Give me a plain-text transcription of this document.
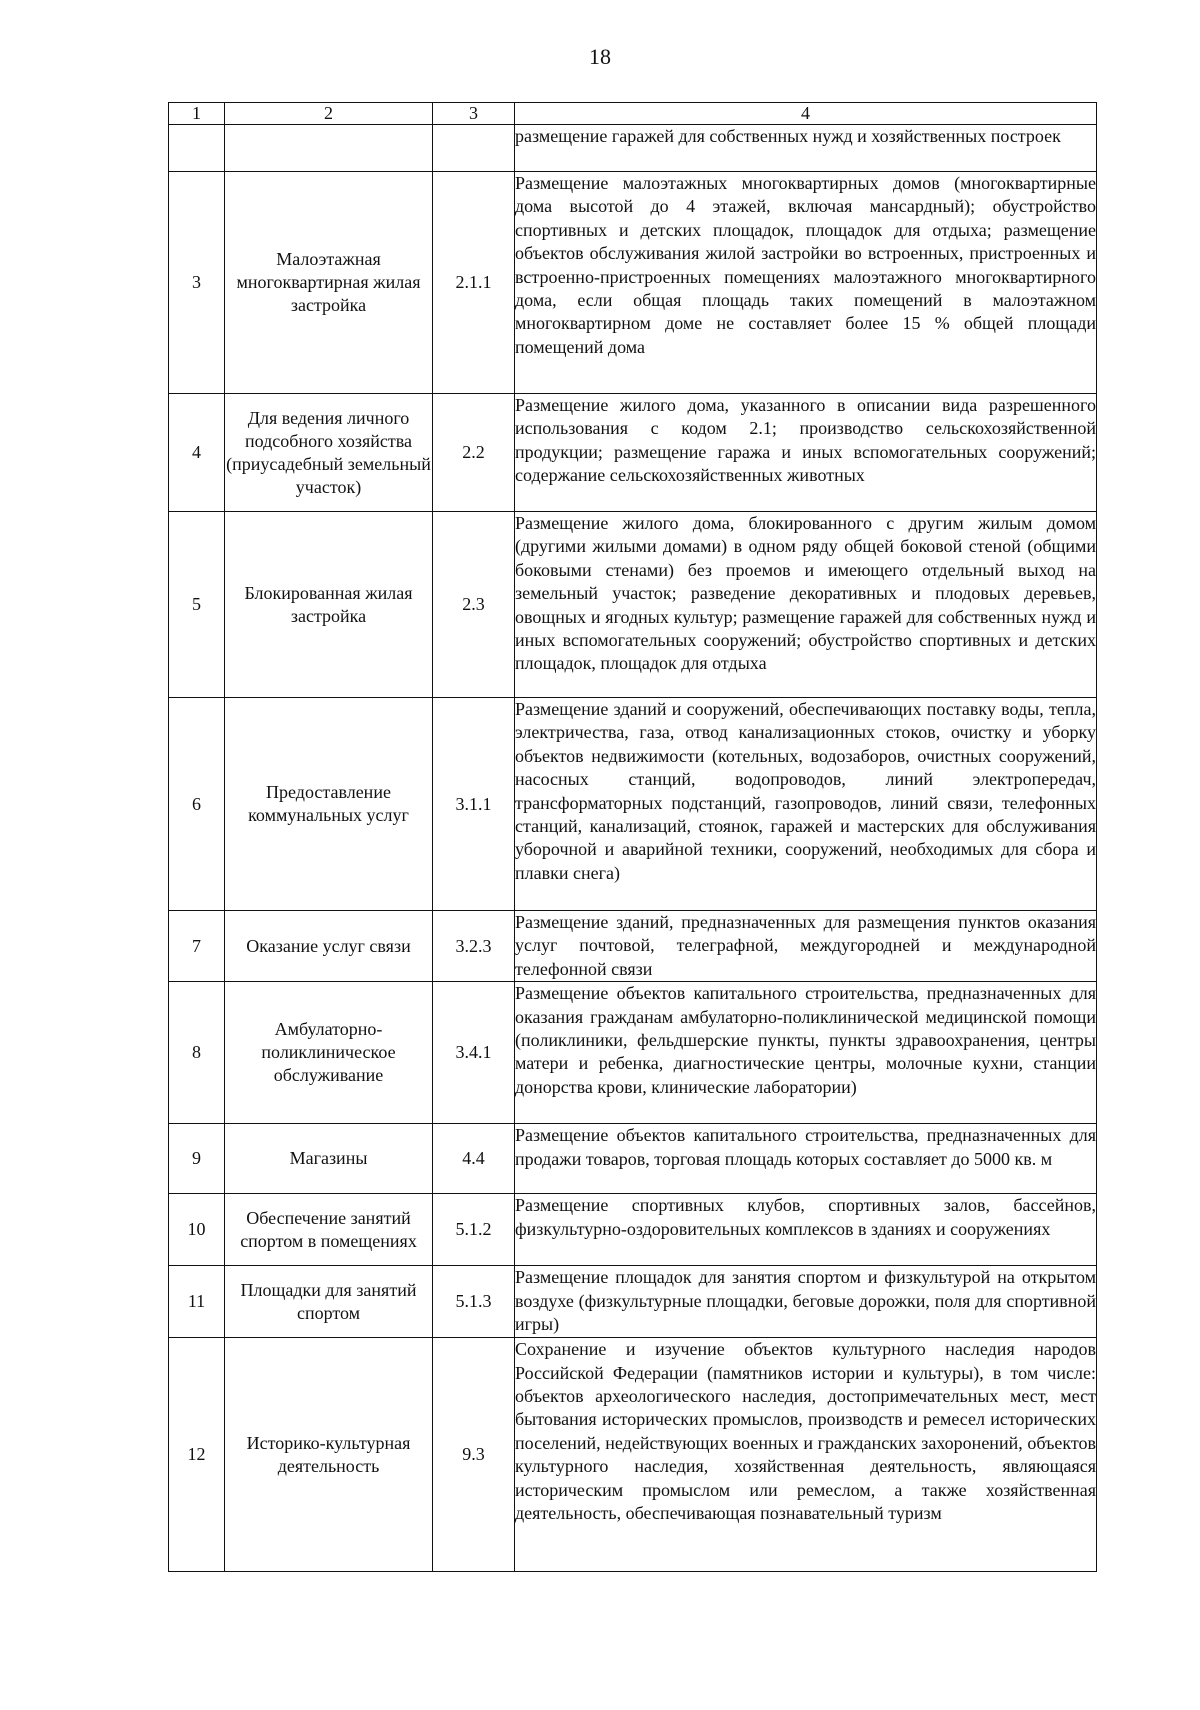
18
1	2	3	4
			размещение гаражей для собственных нужд и хозяйственных построек
3	Малоэтажная многоквартирная жилая застройка	2.1.1	Размещение малоэтажных многоквартирных домов (многоквартирные дома высотой до 4 этажей, включая мансардный); обустройство спортивных и детских площадок, площадок для отдыха; размещение объектов обслуживания жилой застройки во встроенных, пристроенных и встроенно-пристроенных помещениях малоэтажного многоквартирного дома, если общая площадь таких помещений в малоэтажном многоквартирном доме не составляет более 15 % общей площади помещений дома
4	Для ведения личного подсобного хозяйства (приусадебный земельный участок)	2.2	Размещение жилого дома, указанного в описании вида разрешенного использования с кодом 2.1; производство сельскохозяйственной продукции; размещение гаража и иных вспомогательных сооружений; содержание сельскохозяйственных животных
5	Блокированная жилая застройка	2.3	Размещение жилого дома, блокированного с другим жилым домом (другими жилыми домами) в одном ряду общей боковой стеной (общими боковыми стенами) без проемов и имеющего отдельный выход на земельный участок; разведение декоративных и плодовых деревьев, овощных и ягодных культур; размещение гаражей для собственных нужд и иных вспомогательных сооружений; обустройство спортивных и детских площадок, площадок для отдыха
6	Предоставление коммунальных услуг	3.1.1	Размещение зданий и сооружений, обеспечивающих поставку воды, тепла, электричества, газа, отвод канализационных стоков, очистку и уборку объектов недвижимости (котельных, водозаборов, очистных сооружений, насосных станций, водопроводов, линий электропередач, трансформаторных подстанций, газопроводов, линий связи, телефонных станций, канализаций, стоянок, гаражей и мастерских для обслуживания уборочной и аварийной техники, сооружений, необходимых для сбора и плавки снега)
7	Оказание услуг связи	3.2.3	Размещение зданий, предназначенных для размещения пунктов оказания услуг почтовой, телеграфной, междугородней и международной телефонной связи
8	Амбулаторно-поликлиническое обслуживание	3.4.1	Размещение объектов капитального строительства, предназначенных для оказания гражданам амбулаторно-поликлинической медицинской помощи (поликлиники, фельдшерские пункты, пункты здравоохранения, центры матери и ребенка, диагностические центры, молочные кухни, станции донорства крови, клинические лаборатории)
9	Магазины	4.4	Размещение объектов капитального строительства, предназначенных для продажи товаров, торговая площадь которых составляет до 5000 кв. м
10	Обеспечение занятий спортом в помещениях	5.1.2	Размещение спортивных клубов, спортивных залов, бассейнов, физкультурно-оздоровительных комплексов в зданиях и сооружениях
11	Площадки для занятий спортом	5.1.3	Размещение площадок для занятия спортом и физкультурой на открытом воздухе (физкультурные площадки, беговые дорожки, поля для спортивной игры)
12	Историко-культурная деятельность	9.3	Сохранение и изучение объектов культурного наследия народов Российской Федерации (памятников истории и культуры), в том числе: объектов археологического наследия, достопримечательных мест, мест бытования исторических промыслов, производств и ремесел исторических поселений, недействующих военных и гражданских захоронений, объектов культурного наследия, хозяйственная деятельность, являющаяся историческим промыслом или ремеслом, а также хозяйственная деятельность, обеспечивающая познавательный туризм
